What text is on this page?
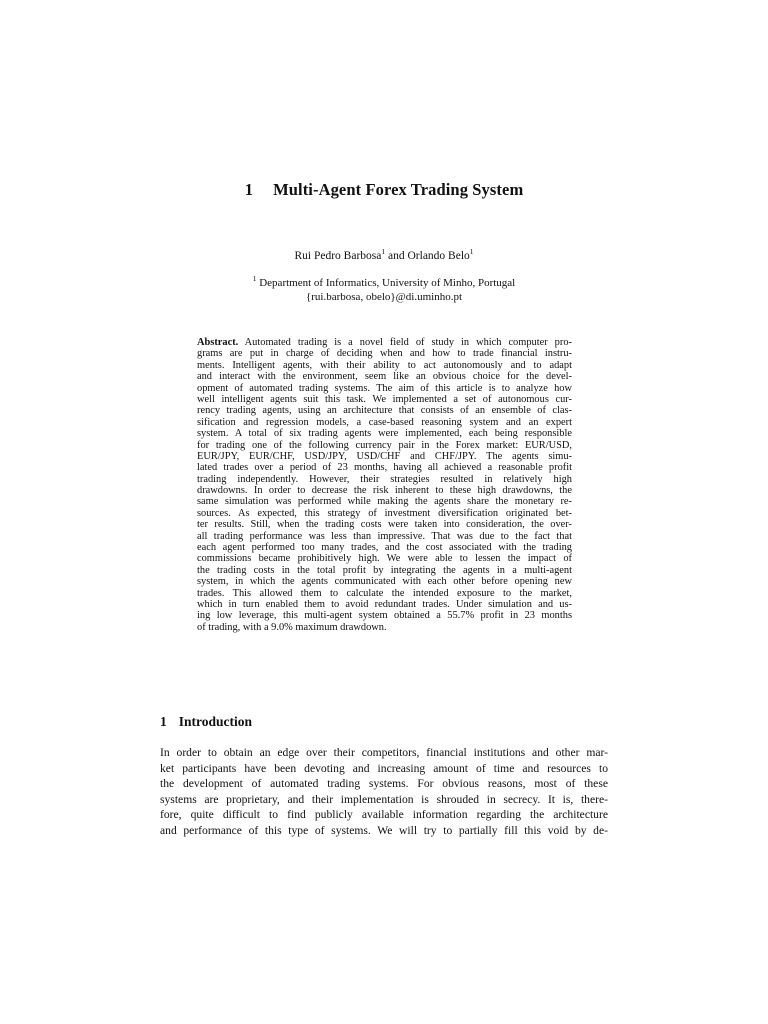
1 Multi-Agent Forex Trading System
Rui Pedro Barbosa$^1$ and Orlando Belo$^1$
$^1$ Department of Informatics, University of Minho, Portugal
{rui.barbosa, obelo}@di.uminho.pt
Abstract. Automated trading is a novel field of study in which computer pro-
grams are put in charge of deciding when and how to trade financial instru-
ments. Intelligent agents, with their ability to act autonomously and to adapt
and interact with the environment, seem like an obvious choice for the devel-
opment of automated trading systems. The aim of this article is to analyze how
well intelligent agents suit this task. We implemented a set of autonomous cur-
rency trading agents, using an architecture that consists of an ensemble of clas-
sification and regression models, a case-based reasoning system and an expert
system. A total of six trading agents were implemented, each being responsible
for trading one of the following currency pair in the Forex market: EUR/USD,
EUR/JPY, EUR/CHF, USD/JPY, USD/CHF and CHF/JPY. The agents simu-
lated trades over a period of 23 months, having all achieved a reasonable profit
trading independently. However, their strategies resulted in relatively high
drawdowns. In order to decrease the risk inherent to these high drawdowns, the
same simulation was performed while making the agents share the monetary re-
sources. As expected, this strategy of investment diversification originated bet-
ter results. Still, when the trading costs were taken into consideration, the over-
all trading performance was less than impressive. That was due to the fact that
each agent performed too many trades, and the cost associated with the trading
commissions became prohibitively high. We were able to lessen the impact of
the trading costs in the total profit by integrating the agents in a multi-agent
system, in which the agents communicated with each other before opening new
trades. This allowed them to calculate the intended exposure to the market,
which in turn enabled them to avoid redundant trades. Under simulation and us-
ing low leverage, this multi-agent system obtained a 55.7% profit in 23 months
of trading, with a 9.0% maximum drawdown.
1 Introduction
In order to obtain an edge over their competitors, financial institutions and other mar-
ket participants have been devoting and increasing amount of time and resources to
the development of automated trading systems. For obvious reasons, most of these
systems are proprietary, and their implementation is shrouded in secrecy. It is, there-
fore, quite difficult to find publicly available information regarding the architecture
and performance of this type of systems. We will try to partially fill this void by de-
